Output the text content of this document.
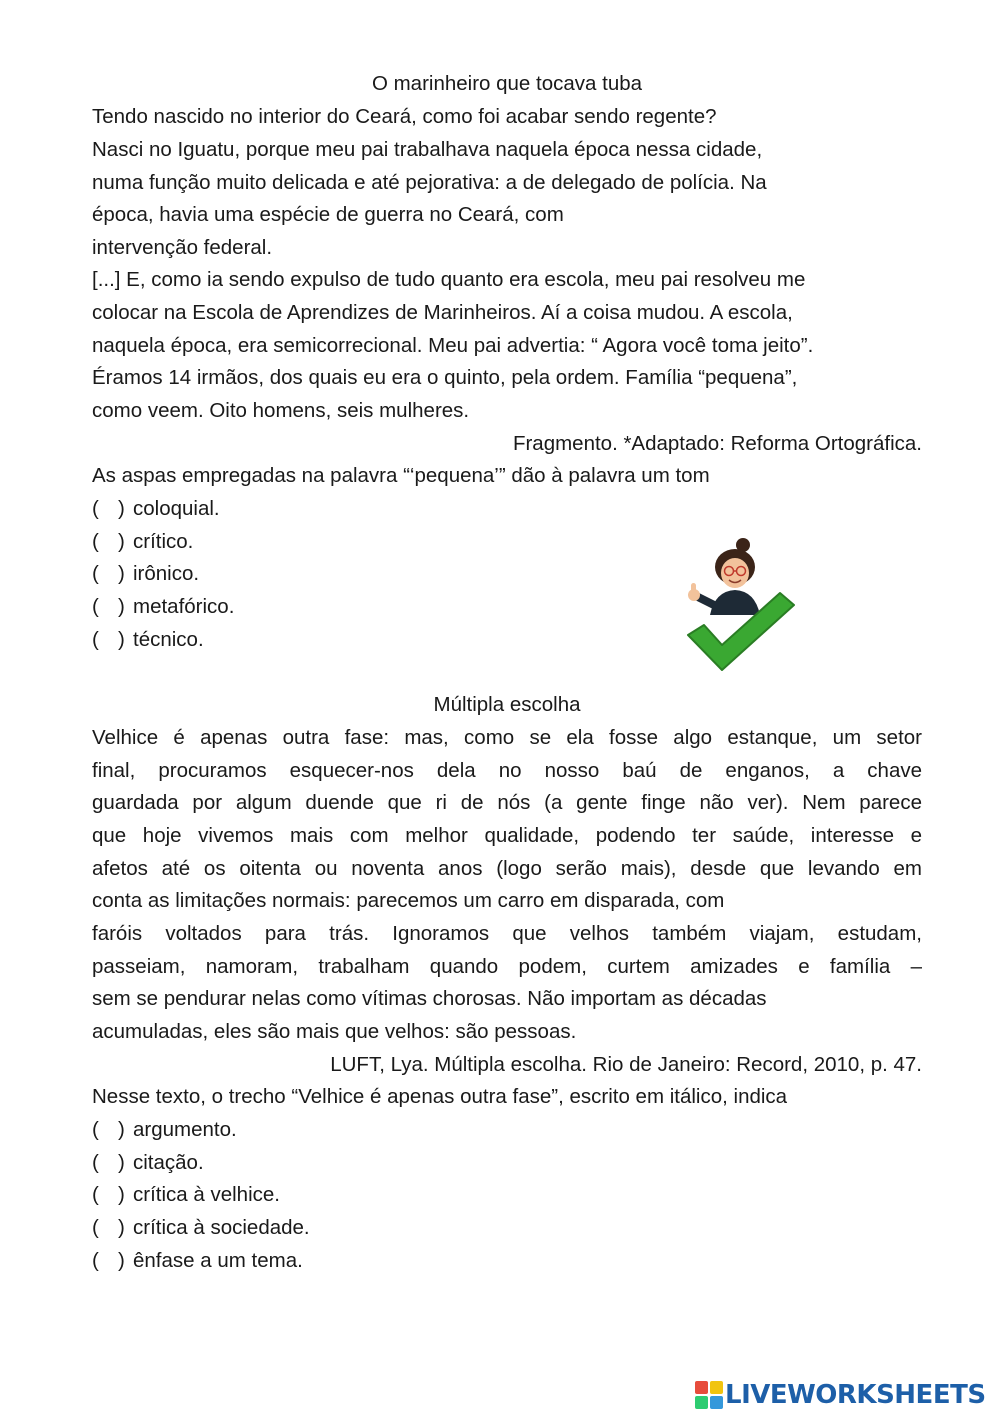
O marinheiro que tocava tuba
Tendo nascido no interior do Ceará, como foi acabar sendo regente?
Nasci no Iguatu, porque meu pai trabalhava naquela época nessa cidade,
numa função muito delicada e até pejorativa: a de delegado de polícia. Na
época, havia uma espécie de guerra no Ceará, com
intervenção federal.
[...] E, como ia sendo expulso de tudo quanto era escola, meu pai resolveu me
colocar na Escola de Aprendizes de Marinheiros. Aí a coisa mudou. A escola,
naquela época, era semicorrecional. Meu pai advertia: “ Agora você toma jeito”.
Éramos 14 irmãos, dos quais eu era o quinto, pela ordem. Família “pequena”,
como veem. Oito homens, seis mulheres.
Fragmento. *Adaptado: Reforma Ortográfica.
As aspas empregadas na palavra “‘pequena’” dão à palavra um tom
( ) coloquial.
( ) crítico.
( ) irônico.
( ) metafórico.
( ) técnico.
Múltipla escolha
Velhice é apenas outra fase: mas, como se ela fosse algo estanque, um setor
final, procuramos esquecer-nos dela no nosso baú de enganos, a chave
guardada por algum duende que ri de nós (a gente finge não ver). Nem parece
que hoje vivemos mais com melhor qualidade, podendo ter saúde, interesse e
afetos até os oitenta ou noventa anos (logo serão mais), desde que levando em
conta as limitações normais: parecemos um carro em disparada, com
faróis voltados para trás. Ignoramos que velhos também viajam, estudam,
passeiam, namoram, trabalham quando podem, curtem amizades e família –
sem se pendurar nelas como vítimas chorosas. Não importam as décadas
acumuladas, eles são mais que velhos: são pessoas.
LUFT, Lya. Múltipla escolha. Rio de Janeiro: Record, 2010, p. 47.
Nesse texto, o trecho “Velhice é apenas outra fase”, escrito em itálico, indica
( ) argumento.
( ) citação.
( ) crítica à velhice.
( ) crítica à sociedade.
( ) ênfase a um tema.
LIVEWORKSHEETS
